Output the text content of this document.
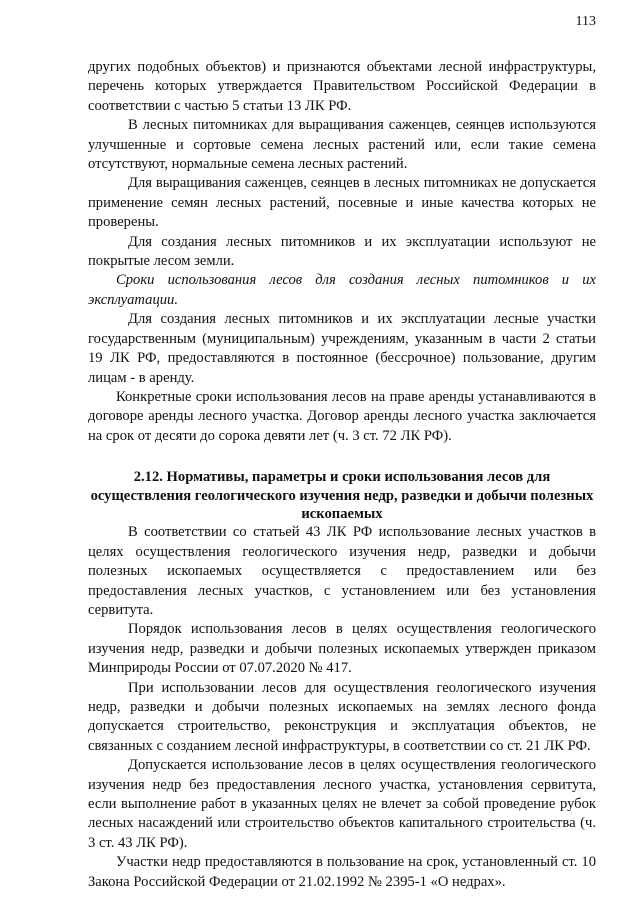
113

других подобных объектов) и признаются объектами лесной инфраструктуры, перечень которых утверждается Правительством Российской Федерации в соответствии с частью 5 статьи 13 ЛК РФ.

В лесных питомниках для выращивания саженцев, сеянцев используются улучшенные и сортовые семена лесных растений или, если такие семена отсутствуют, нормальные семена лесных растений.

Для выращивания саженцев, сеянцев в лесных питомниках не допускается применение семян лесных растений, посевные и иные качества которых не проверены.

Для создания лесных питомников и их эксплуатации используют не покрытые лесом земли.

Сроки использования лесов для создания лесных питомников и их эксплуатации.

Для создания лесных питомников и их эксплуатации лесные участки государственным (муниципальным) учреждениям, указанным в части 2 статьи 19 ЛК РФ, предоставляются в постоянное (бессрочное) пользование, другим лицам - в аренду.

Конкретные сроки использования лесов на праве аренды устанавливаются в договоре аренды лесного участка. Договор аренды лесного участка заключается на срок от десяти до сорока девяти лет (ч. 3 ст. 72 ЛК РФ).

2.12. Нормативы, параметры и сроки использования лесов для осуществления геологического изучения недр, разведки и добычи полезных ископаемых

В соответствии со статьей 43 ЛК РФ использование лесных участков в целях осуществления геологического изучения недр, разведки и добычи полезных ископаемых осуществляется с предоставлением или без предоставления лесных участков, с установлением или без установления сервитута.

Порядок использования лесов в целях осуществления геологического изучения недр, разведки и добычи полезных ископаемых утвержден приказом Минприроды России от 07.07.2020 № 417.

При использовании лесов для осуществления геологического изучения недр, разведки и добычи полезных ископаемых на землях лесного фонда допускается строительство, реконструкция и эксплуатация объектов, не связанных с созданием лесной инфраструктуры, в соответствии со ст. 21 ЛК РФ.

Допускается использование лесов в целях осуществления геологического изучения недр без предоставления лесного участка, установления сервитута, если выполнение работ в указанных целях не влечет за собой проведение рубок лесных насаждений или строительство объектов капитального строительства (ч. 3 ст. 43 ЛК РФ).

Участки недр предоставляются в пользование на срок, установленный ст. 10 Закона Российской Федерации от 21.02.1992 № 2395-1 «О недрах».
